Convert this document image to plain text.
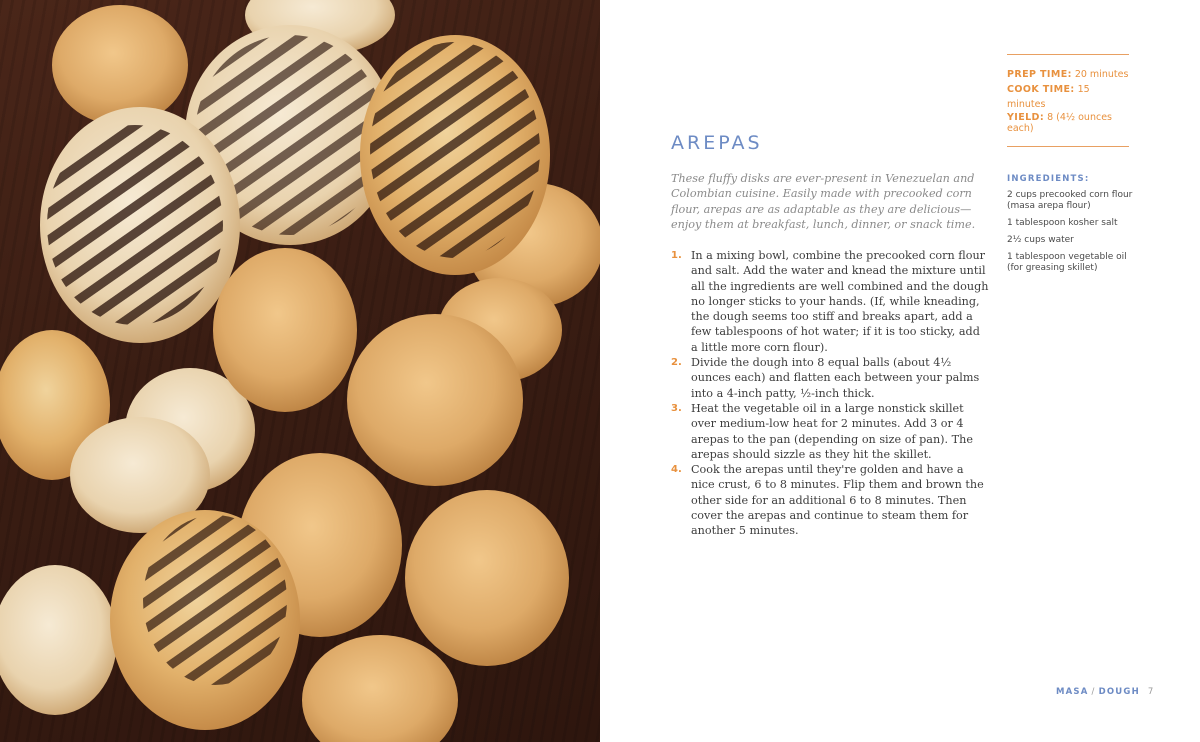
PREP TIME: 20 minutes

COOK TIME: 15 minutes

YIELD: 8 (4½ ounces each)

AREPAS

These fluffy disks are ever-present in Venezuelan and Colombian cuisine. Easily made with precooked corn flour, arepas are as adaptable as they are delicious—enjoy them at breakfast, lunch, dinner, or snack time.

1. In a mixing bowl, combine the precooked corn flour and salt. Add the water and knead the mixture until all the ingredients are well combined and the dough no longer sticks to your hands. (If, while kneading, the dough seems too stiff and breaks apart, add a few tablespoons of hot water; if it is too sticky, add a little more corn flour).
2. Divide the dough into 8 equal balls (about 4½ ounces each) and flatten each between your palms into a 4-inch patty, ½-inch thick.
3. Heat the vegetable oil in a large nonstick skillet over medium-low heat for 2 minutes. Add 3 or 4 arepas to the pan (depending on size of pan). The arepas should sizzle as they hit the skillet.
4. Cook the arepas until they're golden and have a nice crust, 6 to 8 minutes. Flip them and brown the other side for an additional 6 to 8 minutes. Then cover the arepas and continue to steam them for another 5 minutes.
INGREDIENTS:
2 cups precooked corn flour (masa arepa flour)
1 tablespoon kosher salt
2½ cups water
1 tablespoon vegetable oil (for greasing skillet)
MASA / DOUGH 7
